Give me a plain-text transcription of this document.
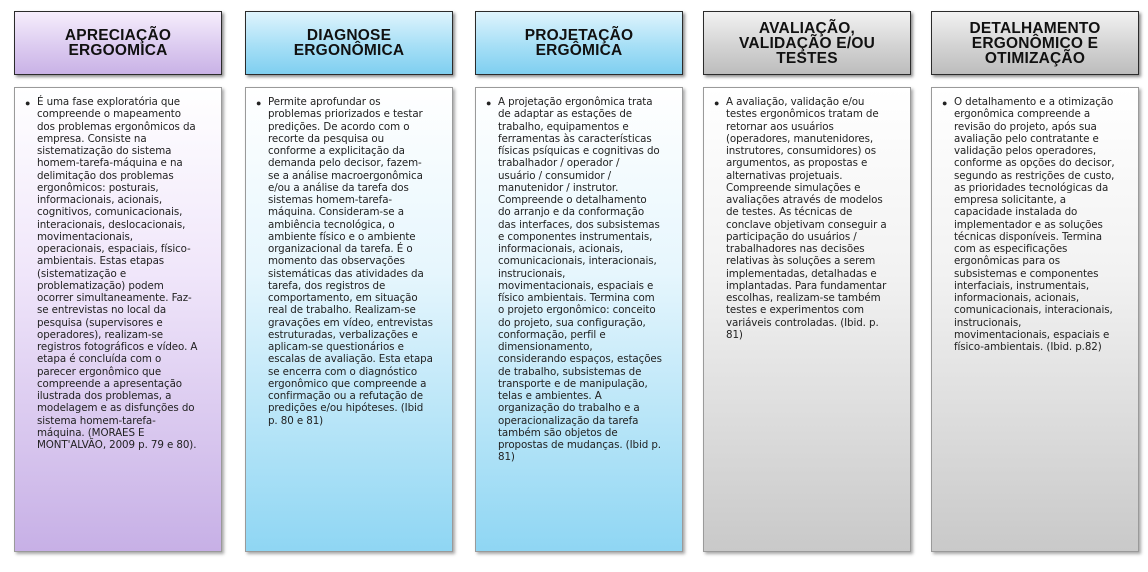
APRECIAÇÃO
ERGOOMICA
● É uma fase exploratória que
compreende o mapeamento
dos problemas ergonômicos da
empresa. Consiste na
sistematização do sistema
homem-tarefa-máquina e na
delimitação dos problemas
ergonômicos: posturais,
informacionais, acionais,
cognitivos, comunicacionais,
interacionais, deslocacionais,
movimentacionais,
operacionais, espaciais, físico-
ambientais. Estas etapas
(sistematização e
problematização) podem
ocorrer simultaneamente. Faz-
se entrevistas no local da
pesquisa (supervisores e
operadores), realizam-se
registros fotográficos e vídeo. A
etapa é concluída com o
parecer ergonômico que
compreende a apresentação
ilustrada dos problemas, a
modelagem e as disfunções do
sistema homem-tarefa-
máquina. (MORAES E
MONT'ALVÃO, 2009 p. 79 e 80).
DIAGNOSE
ERGONÔMICA
● Permite aprofundar os
problemas priorizados e testar
predições. De acordo com o
recorte da pesquisa ou
conforme a explicitação da
demanda pelo decisor, fazem-
se a análise macroergonômica
e/ou a análise da tarefa dos
sistemas homem-tarefa-
máquina. Consideram-se a
ambiência tecnológica, o
ambiente físico e o ambiente
organizacional da tarefa. É o
momento das observações
sistemáticas das atividades da
tarefa, dos registros de
comportamento, em situação
real de trabalho. Realizam-se
gravações em vídeo, entrevistas
estruturadas, verbalizações e
aplicam-se questionários e
escalas de avaliação. Esta etapa
se encerra com o diagnóstico
ergonômico que compreende a
confirmação ou a refutação de
predições e/ou hipóteses. (Ibid
p. 80 e 81)
PROJETAÇÃO
ERGÔMICA
● A projetação ergonômica trata
de adaptar as estações de
trabalho, equipamentos e
ferramentas às características
físicas psíquicas e cognitivas do
trabalhador / operador /
usuário / consumidor /
manutenidor / instrutor.
Compreende o detalhamento
do arranjo e da conformação
das interfaces, dos subsistemas
e componentes instrumentais,
informacionais, acionais,
comunicacionais, interacionais,
instrucionais,
movimentacionais, espaciais e
físico ambientais. Termina com
o projeto ergonômico: conceito
do projeto, sua configuração,
conformação, perfil e
dimensionamento,
considerando espaços, estações
de trabalho, subsistemas de
transporte e de manipulação,
telas e ambientes. A
organização do trabalho e a
operacionalização da tarefa
também são objetos de
propostas de mudanças. (Ibid p.
81)
AVALIAÇÃO,
VALIDAÇÃO E/OU
TESTES
● A avaliação, validação e/ou
testes ergonômicos tratam de
retornar aos usuários
(operadores, manutenidores,
instrutores, consumidores) os
argumentos, as propostas e
alternativas projetuais.
Compreende simulações e
avaliações através de modelos
de testes. As técnicas de
conclave objetivam conseguir a
participação do usuários /
trabalhadores nas decisões
relativas às soluções a serem
implementadas, detalhadas e
implantadas. Para fundamentar
escolhas, realizam-se também
testes e experimentos com
variáveis controladas. (Ibid. p.
81)
DETALHAMENTO
ERGONÔMICO E
OTIMIZAÇÃO
● O detalhamento e a otimização
ergonômica compreende a
revisão do projeto, após sua
avaliação pelo contratante e
validação pelos operadores,
conforme as opções do decisor,
segundo as restrições de custo,
as prioridades tecnológicas da
empresa solicitante, a
capacidade instalada do
implementador e as soluções
técnicas disponíveis. Termina
com as especificações
ergonômicas para os
subsistemas e componentes
interfaciais, instrumentais,
informacionais, acionais,
comunicacionais, interacionais,
instrucionais,
movimentacionais, espaciais e
físico-ambientais. (Ibid. p.82)
